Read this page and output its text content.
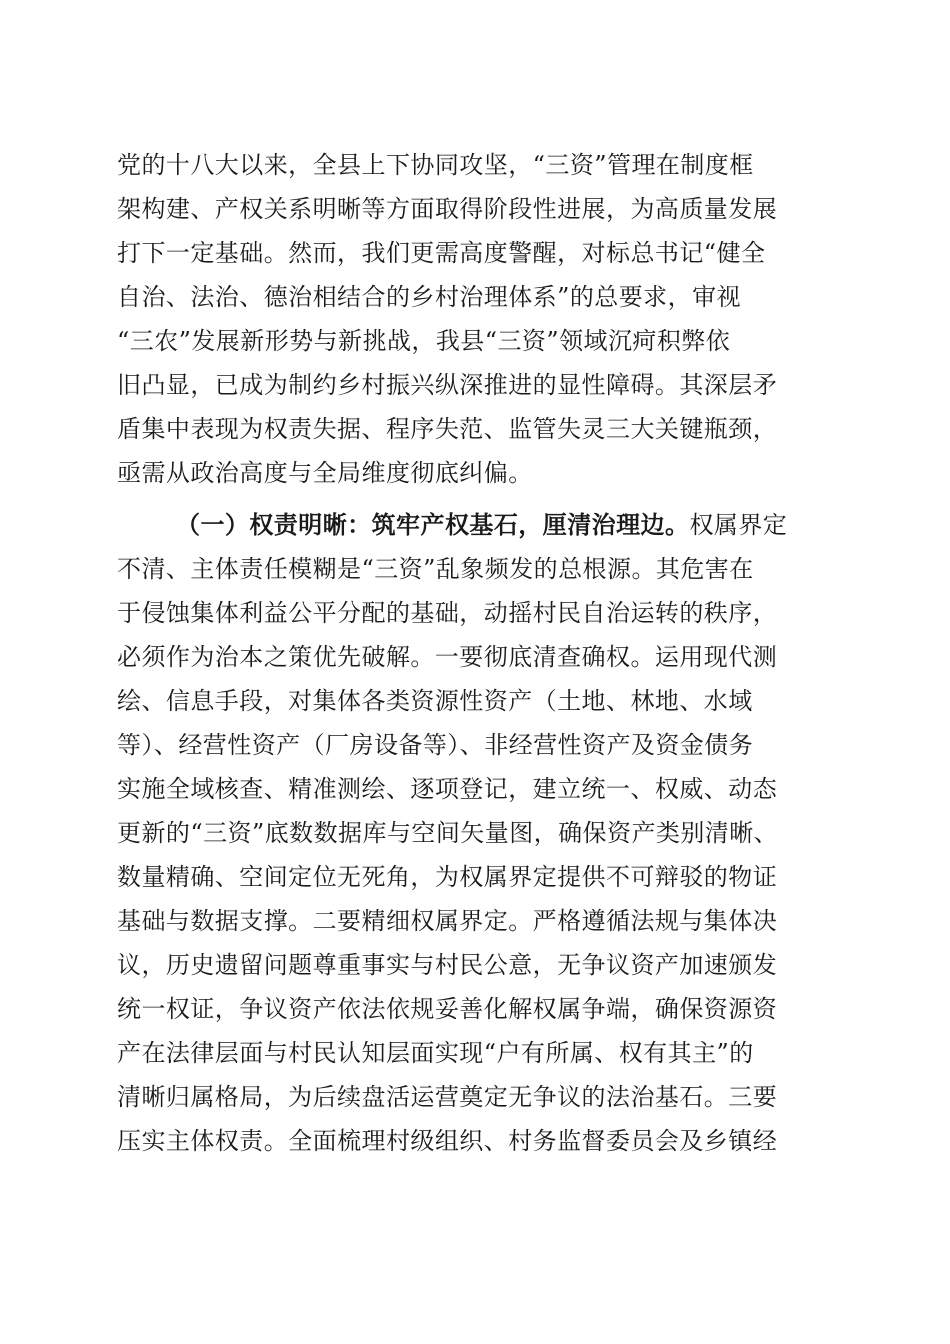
党的十八大以来，全县上下协同攻坚，“三资”管理在制度框
架构建、产权关系明晰等方面取得阶段性进展，为高质量发展
打下一定基础。然而，我们更需高度警醒，对标总书记“健全
自治、法治、德治相结合的乡村治理体系”的总要求，审视
“三农”发展新形势与新挑战，我县“三资”领域沉疴积弊依
旧凸显，已成为制约乡村振兴纵深推进的显性障碍。其深层矛
盾集中表现为权责失据、程序失范、监管失灵三大关键瓶颈，
亟需从政治高度与全局维度彻底纠偏。
（一）权责明晰：筑牢产权基石，厘清治理边。权属界定
不清、主体责任模糊是“三资”乱象频发的总根源。其危害在
于侵蚀集体利益公平分配的基础，动摇村民自治运转的秩序，
必须作为治本之策优先破解。一要彻底清查确权。运用现代测
绘、信息手段，对集体各类资源性资产（土地、林地、水域
等）、经营性资产（厂房设备等）、非经营性资产及资金债务
实施全域核查、精准测绘、逐项登记，建立统一、权威、动态
更新的“三资”底数数据库与空间矢量图，确保资产类别清晰、
数量精确、空间定位无死角，为权属界定提供不可辩驳的物证
基础与数据支撑。二要精细权属界定。严格遵循法规与集体决
议，历史遗留问题尊重事实与村民公意，无争议资产加速颁发
统一权证，争议资产依法依规妥善化解权属争端，确保资源资
产在法律层面与村民认知层面实现“户有所属、权有其主”的
清晰归属格局，为后续盘活运营奠定无争议的法治基石。三要
压实主体权责。全面梳理村级组织、村务监督委员会及乡镇经
